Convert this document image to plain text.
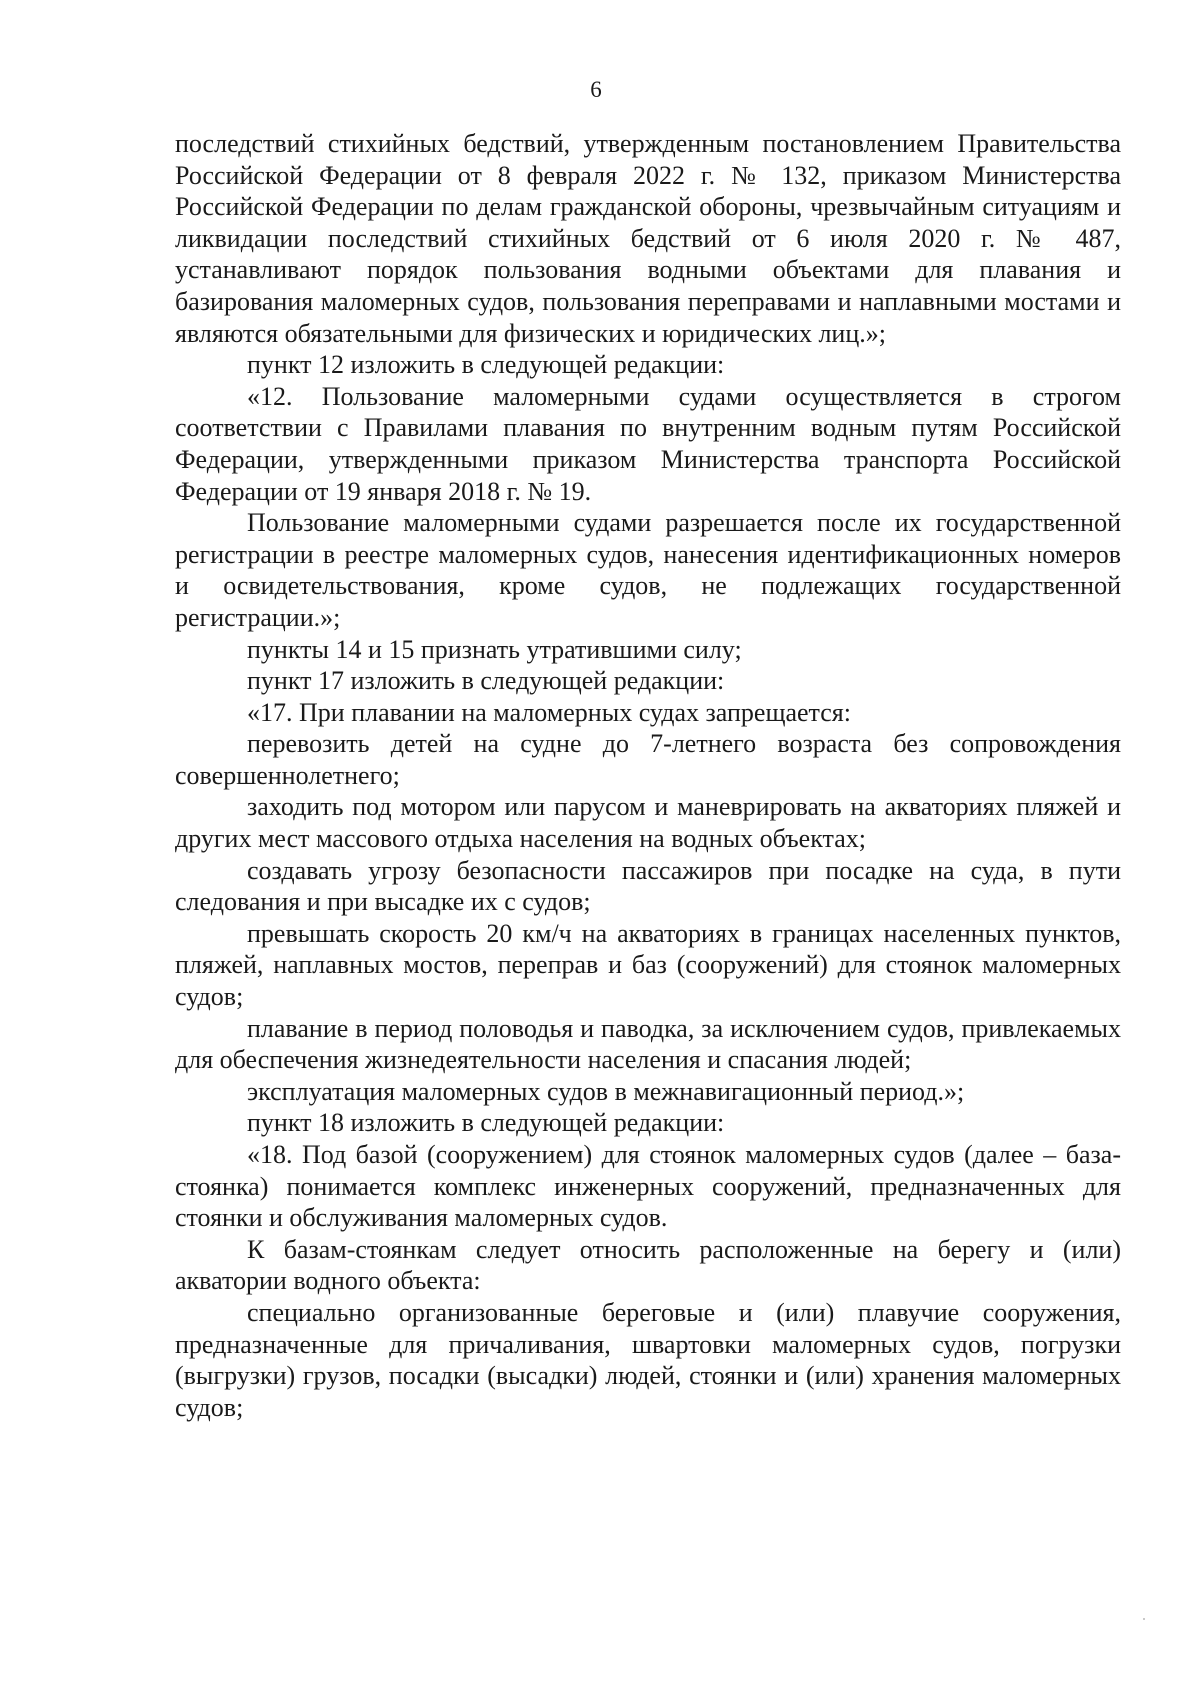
6

последствий стихийных бедствий, утвержденным постановлением Правительства Российской Федерации от 8 февраля 2022 г. № 132, приказом Министерства Российской Федерации по делам гражданской обороны, чрезвычайным ситуациям и ликвидации последствий стихийных бедствий от 6 июля 2020 г. № 487, устанавливают порядок пользования водными объектами для плавания и базирования маломерных судов, пользования переправами и наплавными мостами и являются обязательными для физических и юридических лиц.»;

пункт 12 изложить в следующей редакции:

«12. Пользование маломерными судами осуществляется в строгом соответствии с Правилами плавания по внутренним водным путям Российской Федерации, утвержденными приказом Министерства транспорта Российской Федерации от 19 января 2018 г. № 19.

Пользование маломерными судами разрешается после их государственной регистрации в реестре маломерных судов, нанесения идентификационных номеров и освидетельствования, кроме судов, не подлежащих государственной регистрации.»;

пункты 14 и 15 признать утратившими силу;

пункт 17 изложить в следующей редакции:

«17. При плавании на маломерных судах запрещается:

перевозить детей на судне до 7-летнего возраста без сопровождения совершеннолетнего;

заходить под мотором или парусом и маневрировать на акваториях пляжей и других мест массового отдыха населения на водных объектах;

создавать угрозу безопасности пассажиров при посадке на суда, в пути следования и при высадке их с судов;

превышать скорость 20 км/ч на акваториях в границах населенных пунктов, пляжей, наплавных мостов, переправ и баз (сооружений) для стоянок маломерных судов;

плавание в период половодья и паводка, за исключением судов, привлекаемых для обеспечения жизнедеятельности населения и спасания людей;

эксплуатация маломерных судов в межнавигационный период.»;

пункт 18 изложить в следующей редакции:

«18. Под базой (сооружением) для стоянок маломерных судов (далее – база-стоянка) понимается комплекс инженерных сооружений, предназначенных для стоянки и обслуживания маломерных судов.

К базам-стоянкам следует относить расположенные на берегу и (или) акватории водного объекта:

специально организованные береговые и (или) плавучие сооружения, предназначенные для причаливания, швартовки маломерных судов, погрузки (выгрузки) грузов, посадки (высадки) людей, стоянки и (или) хранения маломерных судов;
